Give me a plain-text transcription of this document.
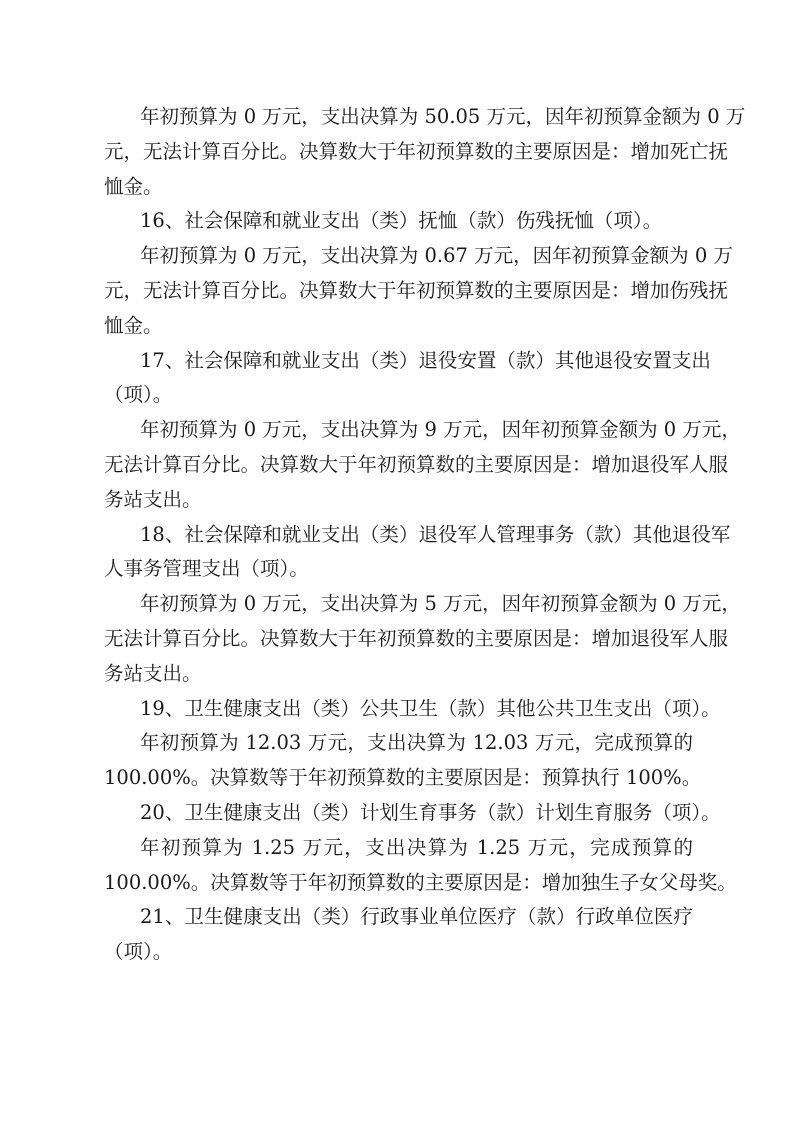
年初预算为 0 万元，支出决算为 50.05 万元，因年初预算金额为 0 万
元，无法计算百分比。决算数大于年初预算数的主要原因是：增加死亡抚
恤金。
16、社会保障和就业支出（类）抚恤（款）伤残抚恤（项）。
年初预算为 0 万元，支出决算为 0.67 万元，因年初预算金额为 0 万
元，无法计算百分比。决算数大于年初预算数的主要原因是：增加伤残抚
恤金。
17、社会保障和就业支出（类）退役安置（款）其他退役安置支出
（项）。
年初预算为 0 万元，支出决算为 9 万元，因年初预算金额为 0 万元，
无法计算百分比。决算数大于年初预算数的主要原因是：增加退役军人服
务站支出。
18、社会保障和就业支出（类）退役军人管理事务（款）其他退役军
人事务管理支出（项）。
年初预算为 0 万元，支出决算为 5 万元，因年初预算金额为 0 万元，
无法计算百分比。决算数大于年初预算数的主要原因是：增加退役军人服
务站支出。
19、卫生健康支出（类）公共卫生（款）其他公共卫生支出（项）。
年初预算为 12.03 万元，支出决算为 12.03 万元，完成预算的
100.00%。决算数等于年初预算数的主要原因是：预算执行 100%。
20、卫生健康支出（类）计划生育事务（款）计划生育服务（项）。
年初预算为 1.25 万元，支出决算为 1.25 万元，完成预算的
100.00%。决算数等于年初预算数的主要原因是：增加独生子女父母奖。
21、卫生健康支出（类）行政事业单位医疗（款）行政单位医疗
（项）。
